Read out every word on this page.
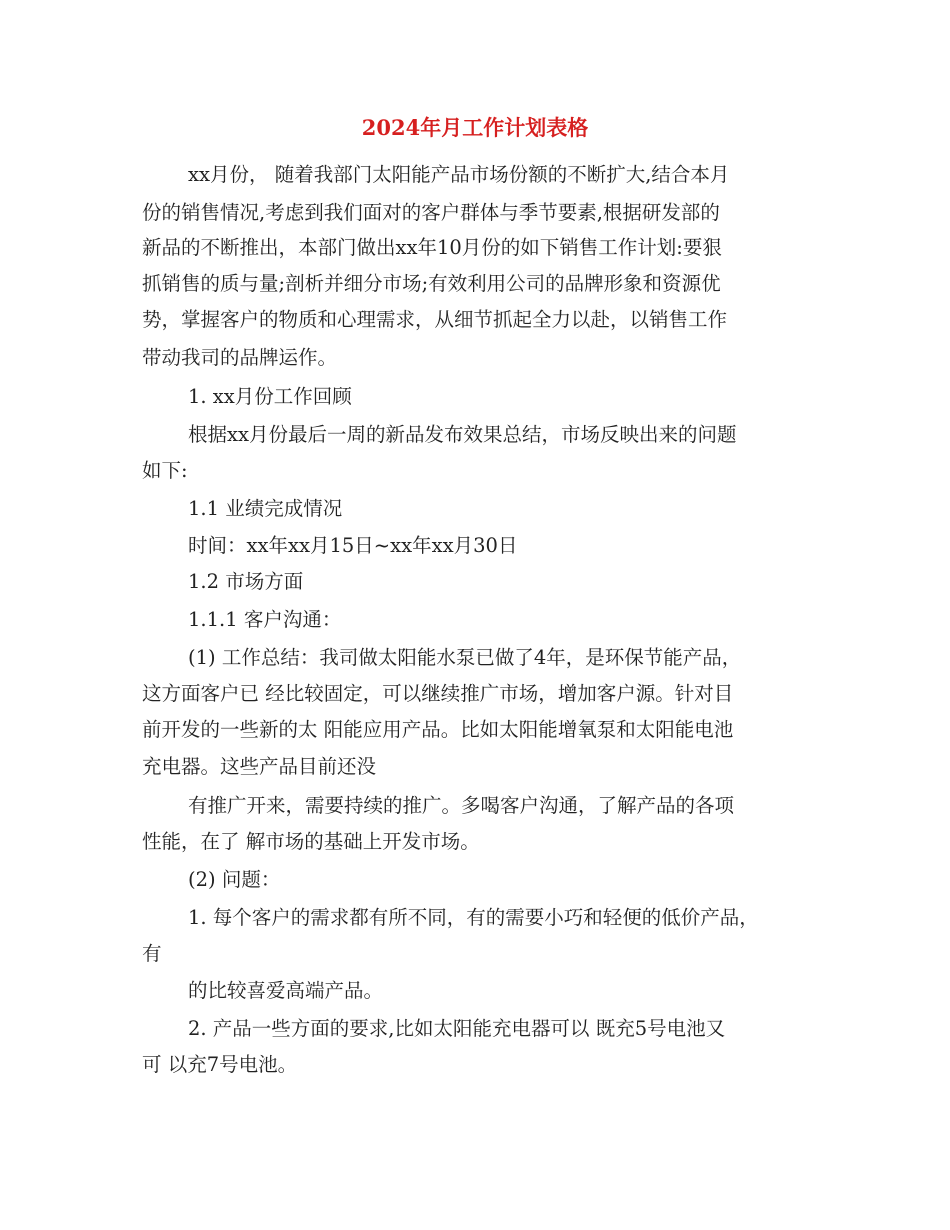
2024年月工作计划表格
xx月份， 随着我部门太阳能产品市场份额的不断扩大,结合本月
份的销售情况,考虑到我们面对的客户群体与季节要素,根据研发部的
新品的不断推出，本部门做出xx年10月份的如下销售工作计划:要狠
抓销售的质与量;剖析并细分市场;有效利用公司的品牌形象和资源优
势，掌握客户的物质和心理需求，从细节抓起全力以赴，以销售工作
带动我司的品牌运作。
1. xx月份工作回顾
根据xx月份最后一周的新品发布效果总结，市场反映出来的问题
如下:
1.1 业绩完成情况
时间：xx年xx月15日~xx年xx月30日
1.2 市场方面
1.1.1 客户沟通：
(1) 工作总结：我司做太阳能水泵已做了4年，是环保节能产品，
这方面客户已 经比较固定，可以继续推广市场，增加客户源。针对目
前开发的一些新的太 阳能应用产品。比如太阳能增氧泵和太阳能电池
充电器。这些产品目前还没
有推广开来，需要持续的推广。多喝客户沟通，了解产品的各项
性能，在了 解市场的基础上开发市场。
(2) 问题：
1. 每个客户的需求都有所不同，有的需要小巧和轻便的低价产品，
有
的比较喜爱高端产品。
2. 产品一些方面的要求,比如太阳能充电器可以 既充5号电池又
可 以充7号电池。
